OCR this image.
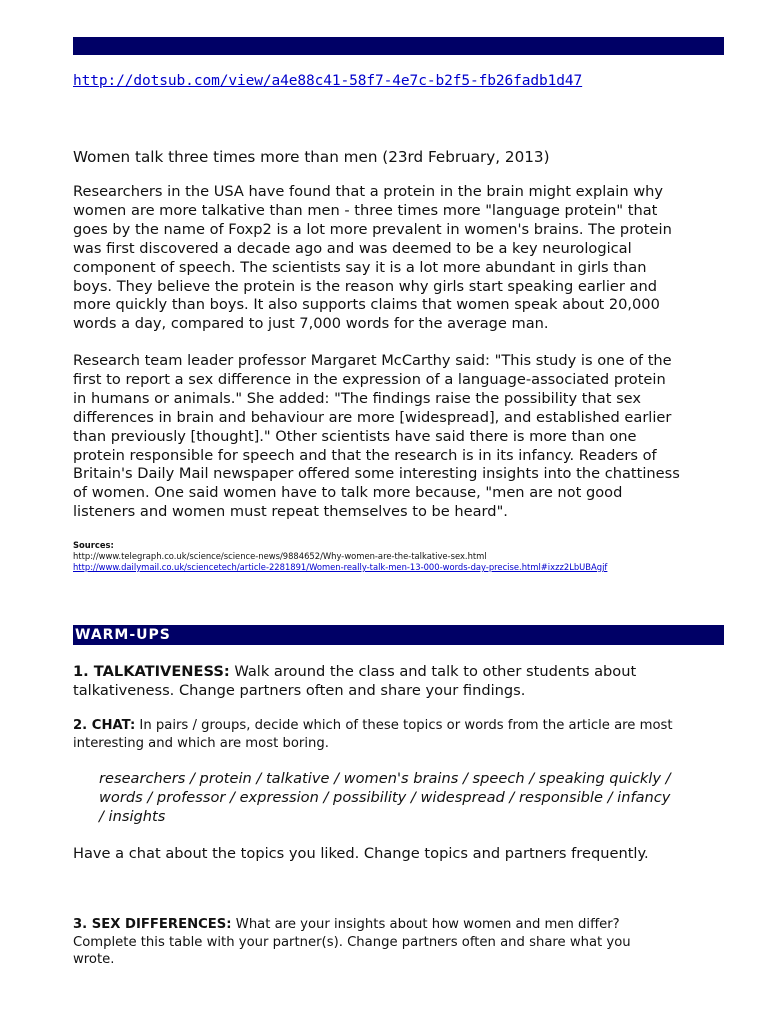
http://dotsub.com/view/a4e88c41-58f7-4e7c-b2f5-fb26fadb1d47
Women talk three times more than men (23rd February, 2013)

Researchers in the USA have found that a protein in the brain might explain why
women are more talkative than men - three times more "language protein" that
goes by the name of Foxp2 is a lot more prevalent in women's brains. The protein
was first discovered a decade ago and was deemed to be a key neurological
component of speech. The scientists say it is a lot more abundant in girls than
boys. They believe the protein is the reason why girls start speaking earlier and
more quickly than boys. It also supports claims that women speak about 20,000
words a day, compared to just 7,000 words for the average man.

Research team leader professor Margaret McCarthy said: "This study is one of the
first to report a sex difference in the expression of a language-associated protein
in humans or animals." She added: "The findings raise the possibility that sex
differences in brain and behaviour are more [widespread], and established earlier
than previously [thought]." Other scientists have said there is more than one
protein responsible for speech and that the research is in its infancy. Readers of
Britain's Daily Mail newspaper offered some interesting insights into the chattiness
of women. One said women have to talk more because, "men are not good
listeners and women must repeat themselves to be heard".

Sources:
http://www.telegraph.co.uk/science/science-news/9884652/Why-women-are-the-talkative-sex.html
http://www.dailymail.co.uk/sciencetech/article-2281891/Women-really-talk-men-13-000-words-day-precise.html#ixzz2LbUBAgjf
WARM-UPS

1. TALKATIVENESS: Walk around the class and talk to other students about
talkativeness. Change partners often and share your findings.

2. CHAT: In pairs / groups, decide which of these topics or words from the article are most
interesting and which are most boring.

researchers / protein / talkative / women's brains / speech / speaking quickly /
words / professor / expression / possibility / widespread / responsible / infancy
/ insights
Have a chat about the topics you liked. Change topics and partners frequently.

3. SEX DIFFERENCES: What are your insights about how women and men differ?
Complete this table with your partner(s). Change partners often and share what you
wrote.
